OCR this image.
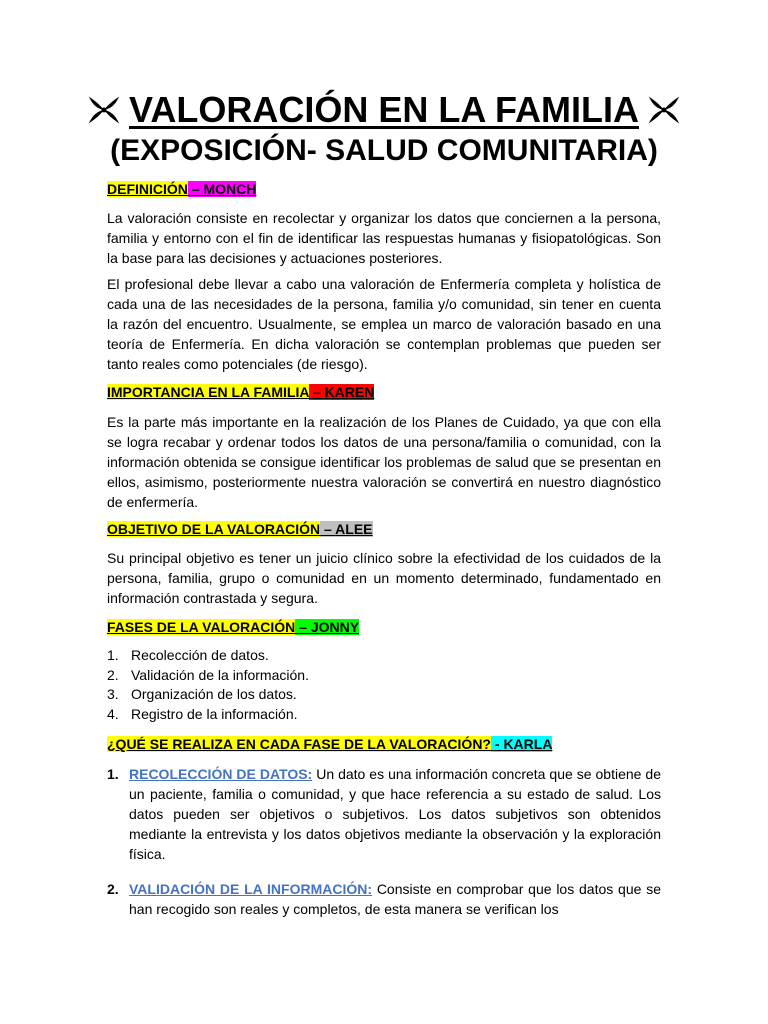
VALORACIÓN EN LA FAMILIA
(EXPOSICIÓN- SALUD COMUNITARIA)
DEFINICIÓN – MONCH
La valoración consiste en recolectar y organizar los datos que conciernen a la persona, familia y entorno con el fin de identificar las respuestas humanas y fisiopatológicas. Son la base para las decisiones y actuaciones posteriores.
El profesional debe llevar a cabo una valoración de Enfermería completa y holística de cada una de las necesidades de la persona, familia y/o comunidad, sin tener en cuenta la razón del encuentro. Usualmente, se emplea un marco de valoración basado en una teoría de Enfermería. En dicha valoración se contemplan problemas que pueden ser tanto reales como potenciales (de riesgo).
IMPORTANCIA EN LA FAMILIA – KAREN
Es la parte más importante en la realización de los Planes de Cuidado, ya que con ella se logra recabar y ordenar todos los datos de una persona/familia o comunidad, con la información obtenida se consigue identificar los problemas de salud que se presentan en ellos, asimismo, posteriormente nuestra valoración se convertirá en nuestro diagnóstico de enfermería.
OBJETIVO DE LA VALORACIÓN – ALEE
Su principal objetivo es tener un juicio clínico sobre la efectividad de los cuidados de la persona, familia, grupo o comunidad en un momento determinado, fundamentado en información contrastada y segura.
FASES DE LA VALORACIÓN – JONNY
1. Recolección de datos.
2. Validación de la información.
3. Organización de los datos.
4. Registro de la información.
¿QUÉ SE REALIZA EN CADA FASE DE LA VALORACIÓN? - KARLA
1. RECOLECCIÓN DE DATOS: Un dato es una información concreta que se obtiene de un paciente, familia o comunidad, y que hace referencia a su estado de salud. Los datos pueden ser objetivos o subjetivos. Los datos subjetivos son obtenidos mediante la entrevista y los datos objetivos mediante la observación y la exploración física.
2. VALIDACIÓN DE LA INFORMACIÓN: Consiste en comprobar que los datos que se han recogido son reales y completos, de esta manera se verifican los
